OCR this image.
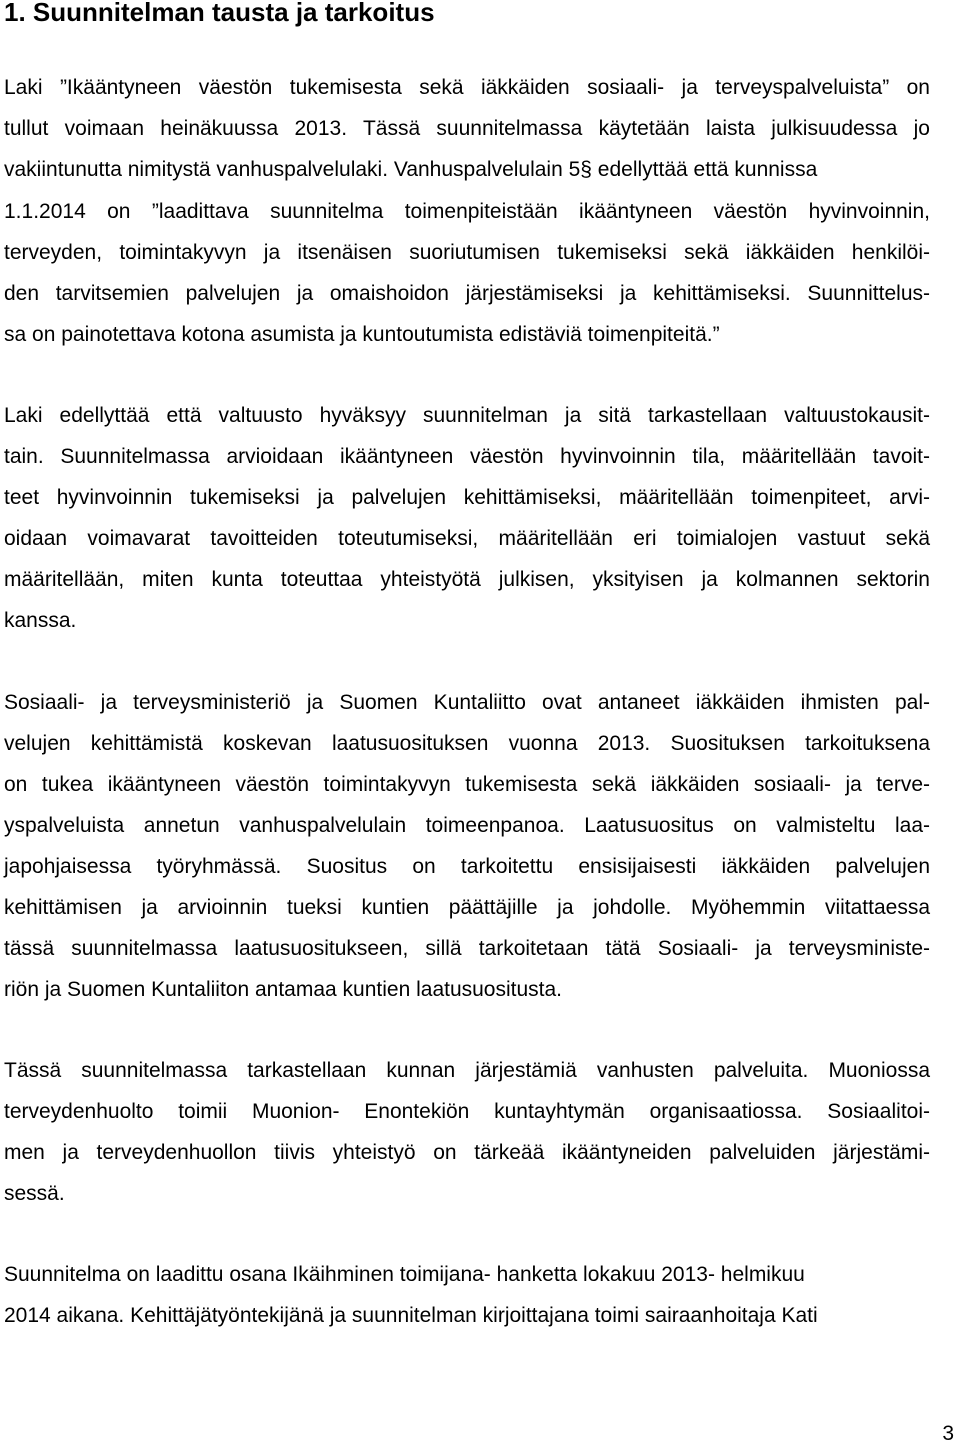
1. Suunnitelman tausta ja tarkoitus

Laki ”Ikääntyneen väestön tukemisesta sekä iäkkäiden sosiaali- ja terveyspalveluista” on

tullut voimaan heinäkuussa 2013. Tässä suunnitelmassa käytetään laista julkisuudessa jo

vakiintunutta nimitystä vanhuspalvelulaki. Vanhuspalvelulain 5§ edellyttää että kunnissa

1.1.2014 on ”laadittava suunnitelma toimenpiteistään ikääntyneen väestön hyvinvoinnin,

terveyden, toimintakyvyn ja itsenäisen suoriutumisen tukemiseksi sekä iäkkäiden henkilöi-

den tarvitsemien palvelujen ja omaishoidon järjestämiseksi ja kehittämiseksi. Suunnittelus-

sa on painotettava kotona asumista ja kuntoutumista edistäviä toimenpiteitä.”

Laki edellyttää että valtuusto hyväksyy suunnitelman ja sitä tarkastellaan valtuustokausit-

tain. Suunnitelmassa arvioidaan ikääntyneen väestön hyvinvoinnin tila, määritellään tavoit-

teet hyvinvoinnin tukemiseksi ja palvelujen kehittämiseksi, määritellään toimenpiteet, arvi-

oidaan voimavarat tavoitteiden toteutumiseksi, määritellään eri toimialojen vastuut sekä

määritellään, miten kunta toteuttaa yhteistyötä julkisen, yksityisen ja kolmannen sektorin

kanssa.

Sosiaali- ja terveysministeriö ja Suomen Kuntaliitto ovat antaneet iäkkäiden ihmisten pal-

velujen kehittämistä koskevan laatusuosituksen vuonna 2013. Suosituksen tarkoituksena

on tukea ikääntyneen väestön toimintakyvyn tukemisesta sekä iäkkäiden sosiaali- ja terve-

yspalveluista annetun vanhuspalvelulain toimeenpanoa. Laatusuositus on valmisteltu laa-

japohjaisessa työryhmässä. Suositus on tarkoitettu ensisijaisesti iäkkäiden palvelujen

kehittämisen ja arvioinnin tueksi kuntien päättäjille ja johdolle. Myöhemmin viitattaessa

tässä suunnitelmassa laatusuositukseen, sillä tarkoitetaan tätä Sosiaali- ja terveysministe-

riön ja Suomen Kuntaliiton antamaa kuntien laatusuositusta.

Tässä suunnitelmassa tarkastellaan kunnan järjestämiä vanhusten palveluita. Muoniossa

terveydenhuolto toimii Muonion- Enontekiön kuntayhtymän organisaatiossa. Sosiaalitoi-

men ja terveydenhuollon tiivis yhteistyö on tärkeää ikääntyneiden palveluiden järjestämi-

sessä.

Suunnitelma on laadittu osana Ikäihminen toimijana- hanketta lokakuu 2013- helmikuu

2014 aikana. Kehittäjätyöntekijänä ja suunnitelman kirjoittajana toimi sairaanhoitaja Kati

3
